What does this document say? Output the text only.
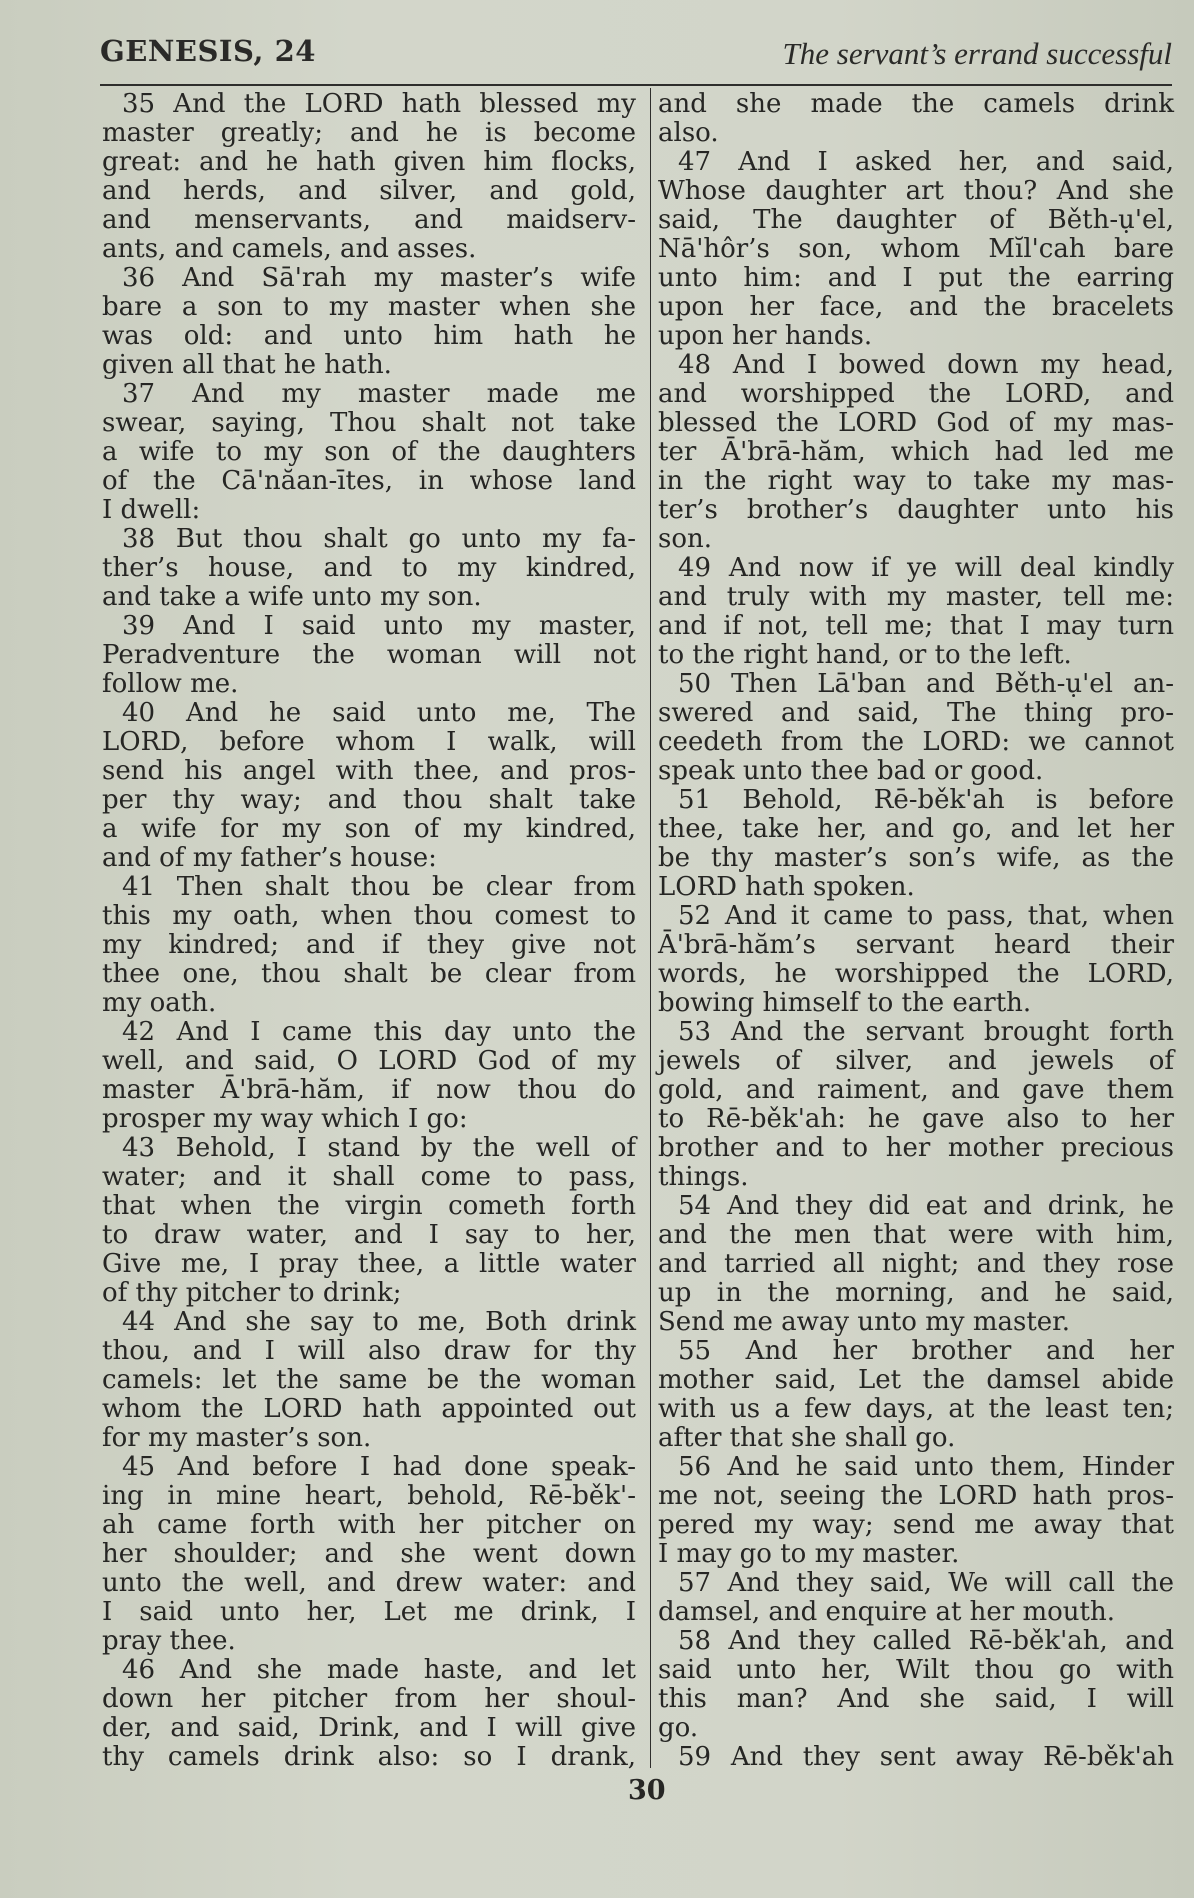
GENESIS, 24	The servant’s errand successful
35 And the LORD hath blessed my
master greatly; and he is become
great: and he hath given him flocks,
and herds, and silver, and gold,
and menservants, and maidserv-
ants, and camels, and asses.
36 And Sā'rah my master’s wife
bare a son to my master when she
was old: and unto him hath he
given all that he hath.
37 And my master made me
swear, saying, Thou shalt not take
a wife to my son of the daughters
of the Cā'năan-ītes, in whose land
I dwell:
38 But thou shalt go unto my fa-
ther’s house, and to my kindred,
and take a wife unto my son.
39 And I said unto my master,
Peradventure the woman will not
follow me.
40 And he said unto me, The
LORD, before whom I walk, will
send his angel with thee, and pros-
per thy way; and thou shalt take
a wife for my son of my kindred,
and of my father’s house:
41 Then shalt thou be clear from
this my oath, when thou comest to
my kindred; and if they give not
thee one, thou shalt be clear from
my oath.
42 And I came this day unto the
well, and said, O LORD God of my
master Ā'brā-hăm, if now thou do
prosper my way which I go:
43 Behold, I stand by the well of
water; and it shall come to pass,
that when the virgin cometh forth
to draw water, and I say to her,
Give me, I pray thee, a little water
of thy pitcher to drink;
44 And she say to me, Both drink
thou, and I will also draw for thy
camels: let the same be the woman
whom the LORD hath appointed out
for my master’s son.
45 And before I had done speak-
ing in mine heart, behold, Rē-běk'-
ah came forth with her pitcher on
her shoulder; and she went down
unto the well, and drew water: and
I said unto her, Let me drink, I
pray thee.
46 And she made haste, and let
down her pitcher from her shoul-
der, and said, Drink, and I will give
thy camels drink also: so I drank,
and she made the camels drink
also.
47 And I asked her, and said,
Whose daughter art thou? And she
said, The daughter of Běth-ụ'el,
Nā'hôr’s son, whom Mĭl'cah bare
unto him: and I put the earring
upon her face, and the bracelets
upon her hands.
48 And I bowed down my head,
and worshipped the LORD, and
blessed the LORD God of my mas-
ter Ā'brā-hăm, which had led me
in the right way to take my mas-
ter’s brother’s daughter unto his
son.
49 And now if ye will deal kindly
and truly with my master, tell me:
and if not, tell me; that I may turn
to the right hand, or to the left.
50 Then Lā'ban and Běth-ụ'el an-
swered and said, The thing pro-
ceedeth from the LORD: we cannot
speak unto thee bad or good.
51 Behold, Rē-běk'ah is before
thee, take her, and go, and let her
be thy master’s son’s wife, as the
LORD hath spoken.
52 And it came to pass, that, when
Ā'brā-hăm’s servant heard their
words, he worshipped the LORD,
bowing himself to the earth.
53 And the servant brought forth
jewels of silver, and jewels of
gold, and raiment, and gave them
to Rē-běk'ah: he gave also to her
brother and to her mother precious
things.
54 And they did eat and drink, he
and the men that were with him,
and tarried all night; and they rose
up in the morning, and he said,
Send me away unto my master.
55 And her brother and her
mother said, Let the damsel abide
with us a few days, at the least ten;
after that she shall go.
56 And he said unto them, Hinder
me not, seeing the LORD hath pros-
pered my way; send me away that
I may go to my master.
57 And they said, We will call the
damsel, and enquire at her mouth.
58 And they called Rē-běk'ah, and
said unto her, Wilt thou go with
this man? And she said, I will
go.
59 And they sent away Rē-běk'ah
30
